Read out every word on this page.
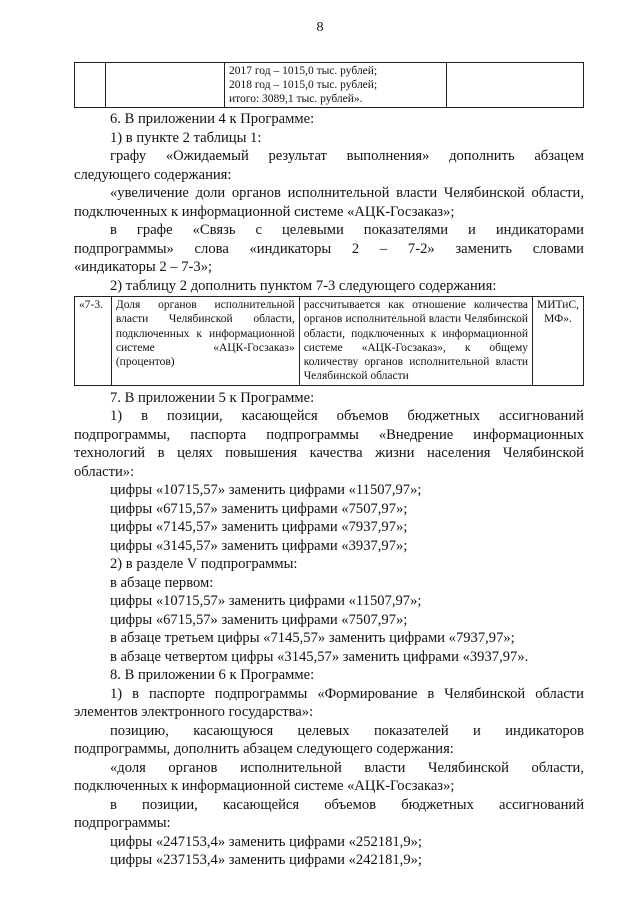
8

2017 год – 1015,0 тыс. рублей;
2018 год – 1015,0 тыс. рублей;
итого: 3089,1 тыс. рублей».

6. В приложении 4 к Программе:

1) в пункте 2 таблицы 1:

графу «Ожидаемый результат выполнения» дополнить абзацем

следующего содержания:

«увеличение доли органов исполнительной власти Челябинской области,

подключенных к информационной системе «АЦК-Госзаказ»;

в графе «Связь с целевыми показателями и индикаторами

подпрограммы» слова «индикаторы 2 – 7-2» заменить словами

«индикаторы 2 – 7-3»;

2) таблицу 2 дополнить пунктом 7-3 следующего содержания:

«7-3.	Доля органов исполнительной власти Челябинской области, подключенных к информационной системе «АЦК-Госзаказ» (процентов)	рассчитывается как отношение количества органов исполнительной власти Челябинской области, подключенных к информационной системе «АЦК-Госзаказ», к общему количеству органов исполнительной власти Челябинской области	МИТиС, МФ».

7. В приложении 5 к Программе:

1) в позиции, касающейся объемов бюджетных ассигнований

подпрограммы, паспорта подпрограммы «Внедрение информационных

технологий в целях повышения качества жизни населения Челябинской

области»:

цифры «10715,57» заменить цифрами «11507,97»;

цифры «6715,57» заменить цифрами «7507,97»;

цифры «7145,57» заменить цифрами «7937,97»;

цифры «3145,57» заменить цифрами «3937,97»;

2) в разделе V подпрограммы:

в абзаце первом:

цифры «10715,57» заменить цифрами «11507,97»;

цифры «6715,57» заменить цифрами «7507,97»;

в абзаце третьем цифры «7145,57» заменить цифрами «7937,97»;

в абзаце четвертом цифры «3145,57» заменить цифрами «3937,97».

8. В приложении 6 к Программе:

1) в паспорте подпрограммы «Формирование в Челябинской области

элементов электронного государства»:

позицию, касающуюся целевых показателей и индикаторов

подпрограммы, дополнить абзацем следующего содержания:

«доля органов исполнительной власти Челябинской области,

подключенных к информационной системе «АЦК-Госзаказ»;

в позиции, касающейся объемов бюджетных ассигнований

подпрограммы:

цифры «247153,4» заменить цифрами «252181,9»;

цифры «237153,4» заменить цифрами «242181,9»;
